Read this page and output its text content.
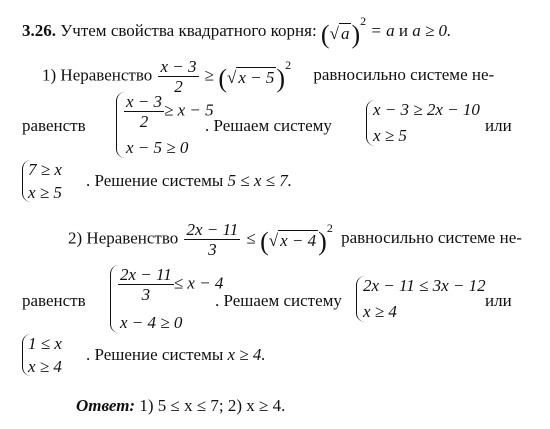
3.26. Учтем свойства квадратного корня: (√ a)$^2$ = a и a ≥ 0.
1) Неравенство $\frac{x - 3}{2}$ ≥ (√ x − 5)$^2$ равносильно системе не-
равенств $\frac{x - 3}{2} \ge x - 5$
x − 5 ≥ 0
. Решаем систему
x − 3 ≥ 2x − 10
x ≥ 5
или
7 ≥ x
x ≥ 5
. Решение системы 5 ≤ x ≤ 7.
2) Неравенство $\frac{2x - 11}{3}$ ≤ (√ x − 4)$^2$ равносильно системе не-
равенств $\frac{2x - 11}{3} \le x - 4$
x − 4 ≥ 0
. Решаем систему
2x − 11 ≤ 3x − 12
x ≥ 4
или
1 ≤ x
x ≥ 4
. Решение системы x ≥ 4.
Ответ: 1) 5 ≤ x ≤ 7; 2) x ≥ 4.
